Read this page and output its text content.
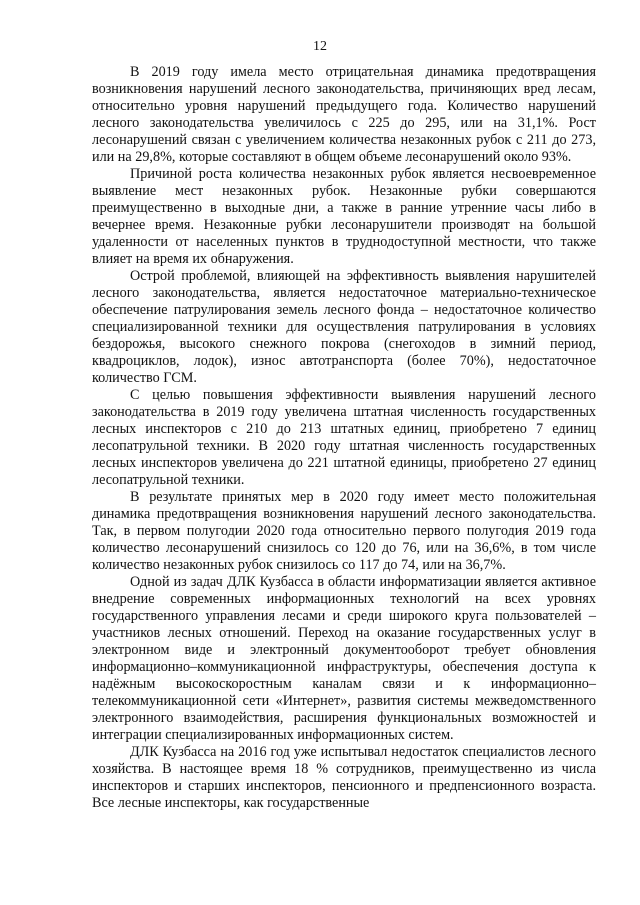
12

В 2019 году имела место отрицательная динамика предотвращения возникновения нарушений лесного законодательства, причиняющих вред лесам, относительно уровня нарушений предыдущего года. Количество нарушений лесного законодательства увеличилось с 225 до 295, или на 31,1%. Рост лесонарушений связан с увеличением количества незаконных рубок с 211 до 273, или на 29,8%, которые составляют в общем объеме лесонарушений около 93%.

Причиной роста количества незаконных рубок является несвоевременное выявление мест незаконных рубок. Незаконные рубки совершаются преимущественно в выходные дни, а также в ранние утренние часы либо в вечернее время. Незаконные рубки лесонарушители производят на большой удаленности от населенных пунктов в труднодоступной местности, что также влияет на время их обнаружения.

Острой проблемой, влияющей на эффективность выявления нарушителей лесного законодательства, является недостаточное материально-техническое обеспечение патрулирования земель лесного фонда – недостаточное количество специализированной техники для осуществления патрулирования в условиях бездорожья, высокого снежного покрова (снегоходов в зимний период, квадроциклов, лодок), износ автотранспорта (более 70%), недостаточное количество ГСМ.

С целью повышения эффективности выявления нарушений лесного законодательства в 2019 году увеличена штатная численность государственных лесных инспекторов с 210 до 213 штатных единиц, приобретено 7 единиц лесопатрульной техники. В 2020 году штатная численность государственных лесных инспекторов увеличена до 221 штатной единицы, приобретено 27 единиц лесопатрульной техники.

В результате принятых мер в 2020 году имеет место положительная динамика предотвращения возникновения нарушений лесного законодательства. Так, в первом полугодии 2020 года относительно первого полугодия 2019 года количество лесонарушений снизилось со 120 до 76, или на 36,6%, в том числе количество незаконных рубок снизилось со 117 до 74, или на 36,7%.

Одной из задач ДЛК Кузбасса в области информатизации является активное внедрение современных информационных технологий на всех уровнях государственного управления лесами и среди широкого круга пользователей – участников лесных отношений. Переход на оказание государственных услуг в электронном виде и электронный документооборот требует обновления информационно–коммуникационной инфраструктуры, обеспечения доступа к надёжным высокоскоростным каналам связи и к информационно–телекоммуникационной сети «Интернет», развития системы межведомственного электронного взаимодействия, расширения функциональных возможностей и интеграции специализированных информационных систем.

ДЛК Кузбасса на 2016 год уже испытывал недостаток специалистов лесного хозяйства. В настоящее время 18 % сотрудников, преимущественно из числа инспекторов и старших инспекторов, пенсионного и предпенсионного возраста. Все лесные инспекторы, как государственные
